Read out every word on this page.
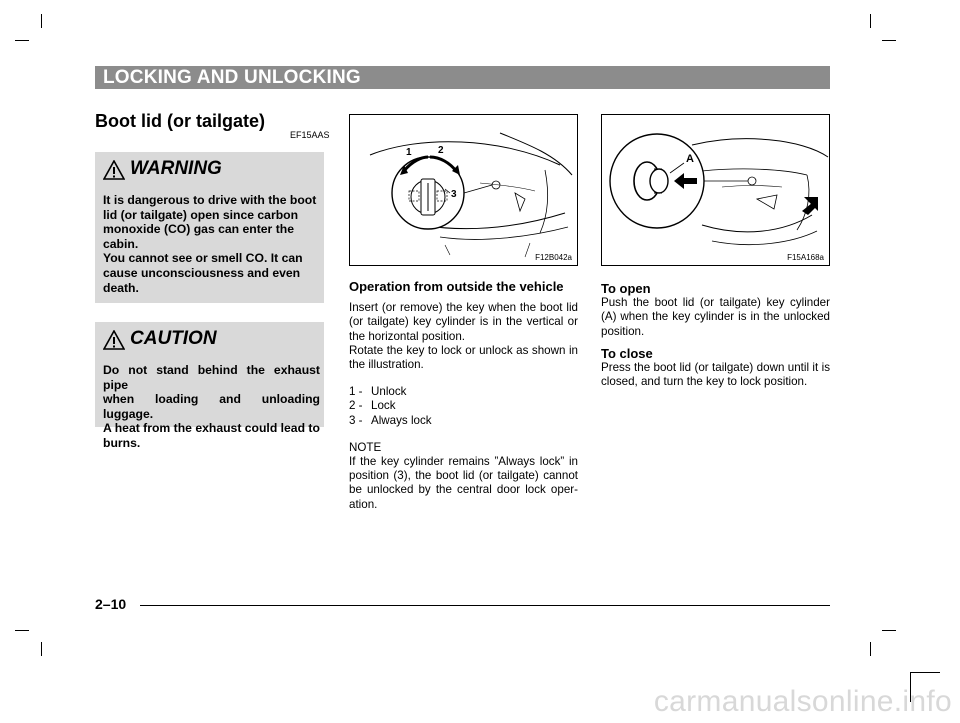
LOCKING AND UNLOCKING
Boot lid (or tailgate)
EF15AAS
WARNING
It is dangerous to drive with the boot
lid (or tailgate) open since carbon
monoxide (CO) gas can enter the
cabin.
You cannot see or smell CO. It can
cause unconsciousness and even
death.
CAUTION
Do not stand behind the exhaust pipe
when loading and unloading luggage.
A heat from the exhaust could lead to
burns.
1	2
3
F12B042a
A
F15A168a
Operation from outside the vehicle
Insert (or remove) the key when the boot lid (or tailgate) key cylinder is in the vertical or the horizontal position.
Rotate the key to lock or unlock as shown in the illustration.
1 - Unlock
2 - Lock
3 - Always lock
NOTE
If the key cylinder remains ”Always lock” in position (3), the boot lid (or tailgate) cannot be unlocked by the central door lock oper-ation.
To open
Push the boot lid (or tailgate) key cylinder (A) when the key cylinder is in the unlocked position.
To close
Press the boot lid (or tailgate) down until it is closed, and turn the key to lock position.
2–10
carmanualsonline.info
